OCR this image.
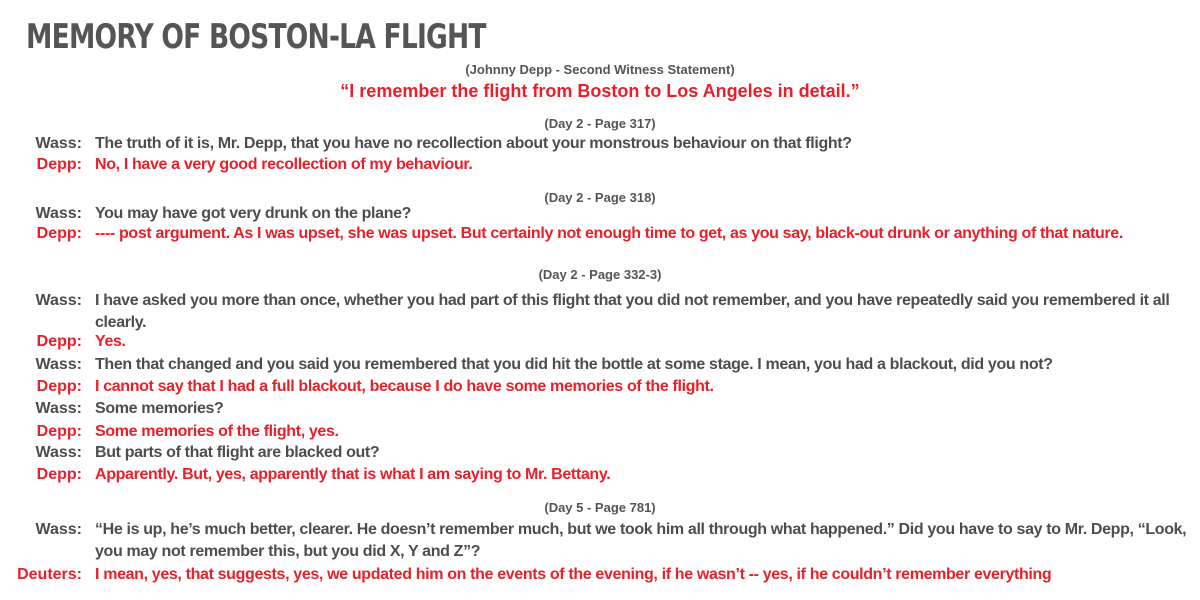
MEMORY OF BOSTON-LA FLIGHT
(Johnny Depp - Second Witness Statement)
“I remember the flight from Boston to Los Angeles in detail.”
(Day 2 - Page 317)
Wass: The truth of it is, Mr. Depp, that you have no recollection about your monstrous behaviour on that flight?
Depp: No, I have a very good recollection of my behaviour.
(Day 2 - Page 318)
Wass: You may have got very drunk on the plane?
Depp: ---- post argument. As I was upset, she was upset. But certainly not enough time to get, as you say, black-out drunk or anything of that nature.
(Day 2 - Page 332-3)
Wass: I have asked you more than once, whether you had part of this flight that you did not remember, and you have repeatedly said you remembered it all clearly.
Depp: Yes.
Wass: Then that changed and you said you remembered that you did hit the bottle at some stage. I mean, you had a blackout, did you not?
Depp: I cannot say that I had a full blackout, because I do have some memories of the flight.
Wass: Some memories?
Depp: Some memories of the flight, yes.
Wass: But parts of that flight are blacked out?
Depp: Apparently. But, yes, apparently that is what I am saying to Mr. Bettany.
(Day 5 - Page 781)
Wass: “He is up, he’s much better, clearer. He doesn’t remember much, but we took him all through what happened.” Did you have to say to Mr. Depp, “Look, you may not remember this, but you did X, Y and Z”?
Deuters: I mean, yes, that suggests, yes, we updated him on the events of the evening, if he wasn’t -- yes, if he couldn’t remember everything
